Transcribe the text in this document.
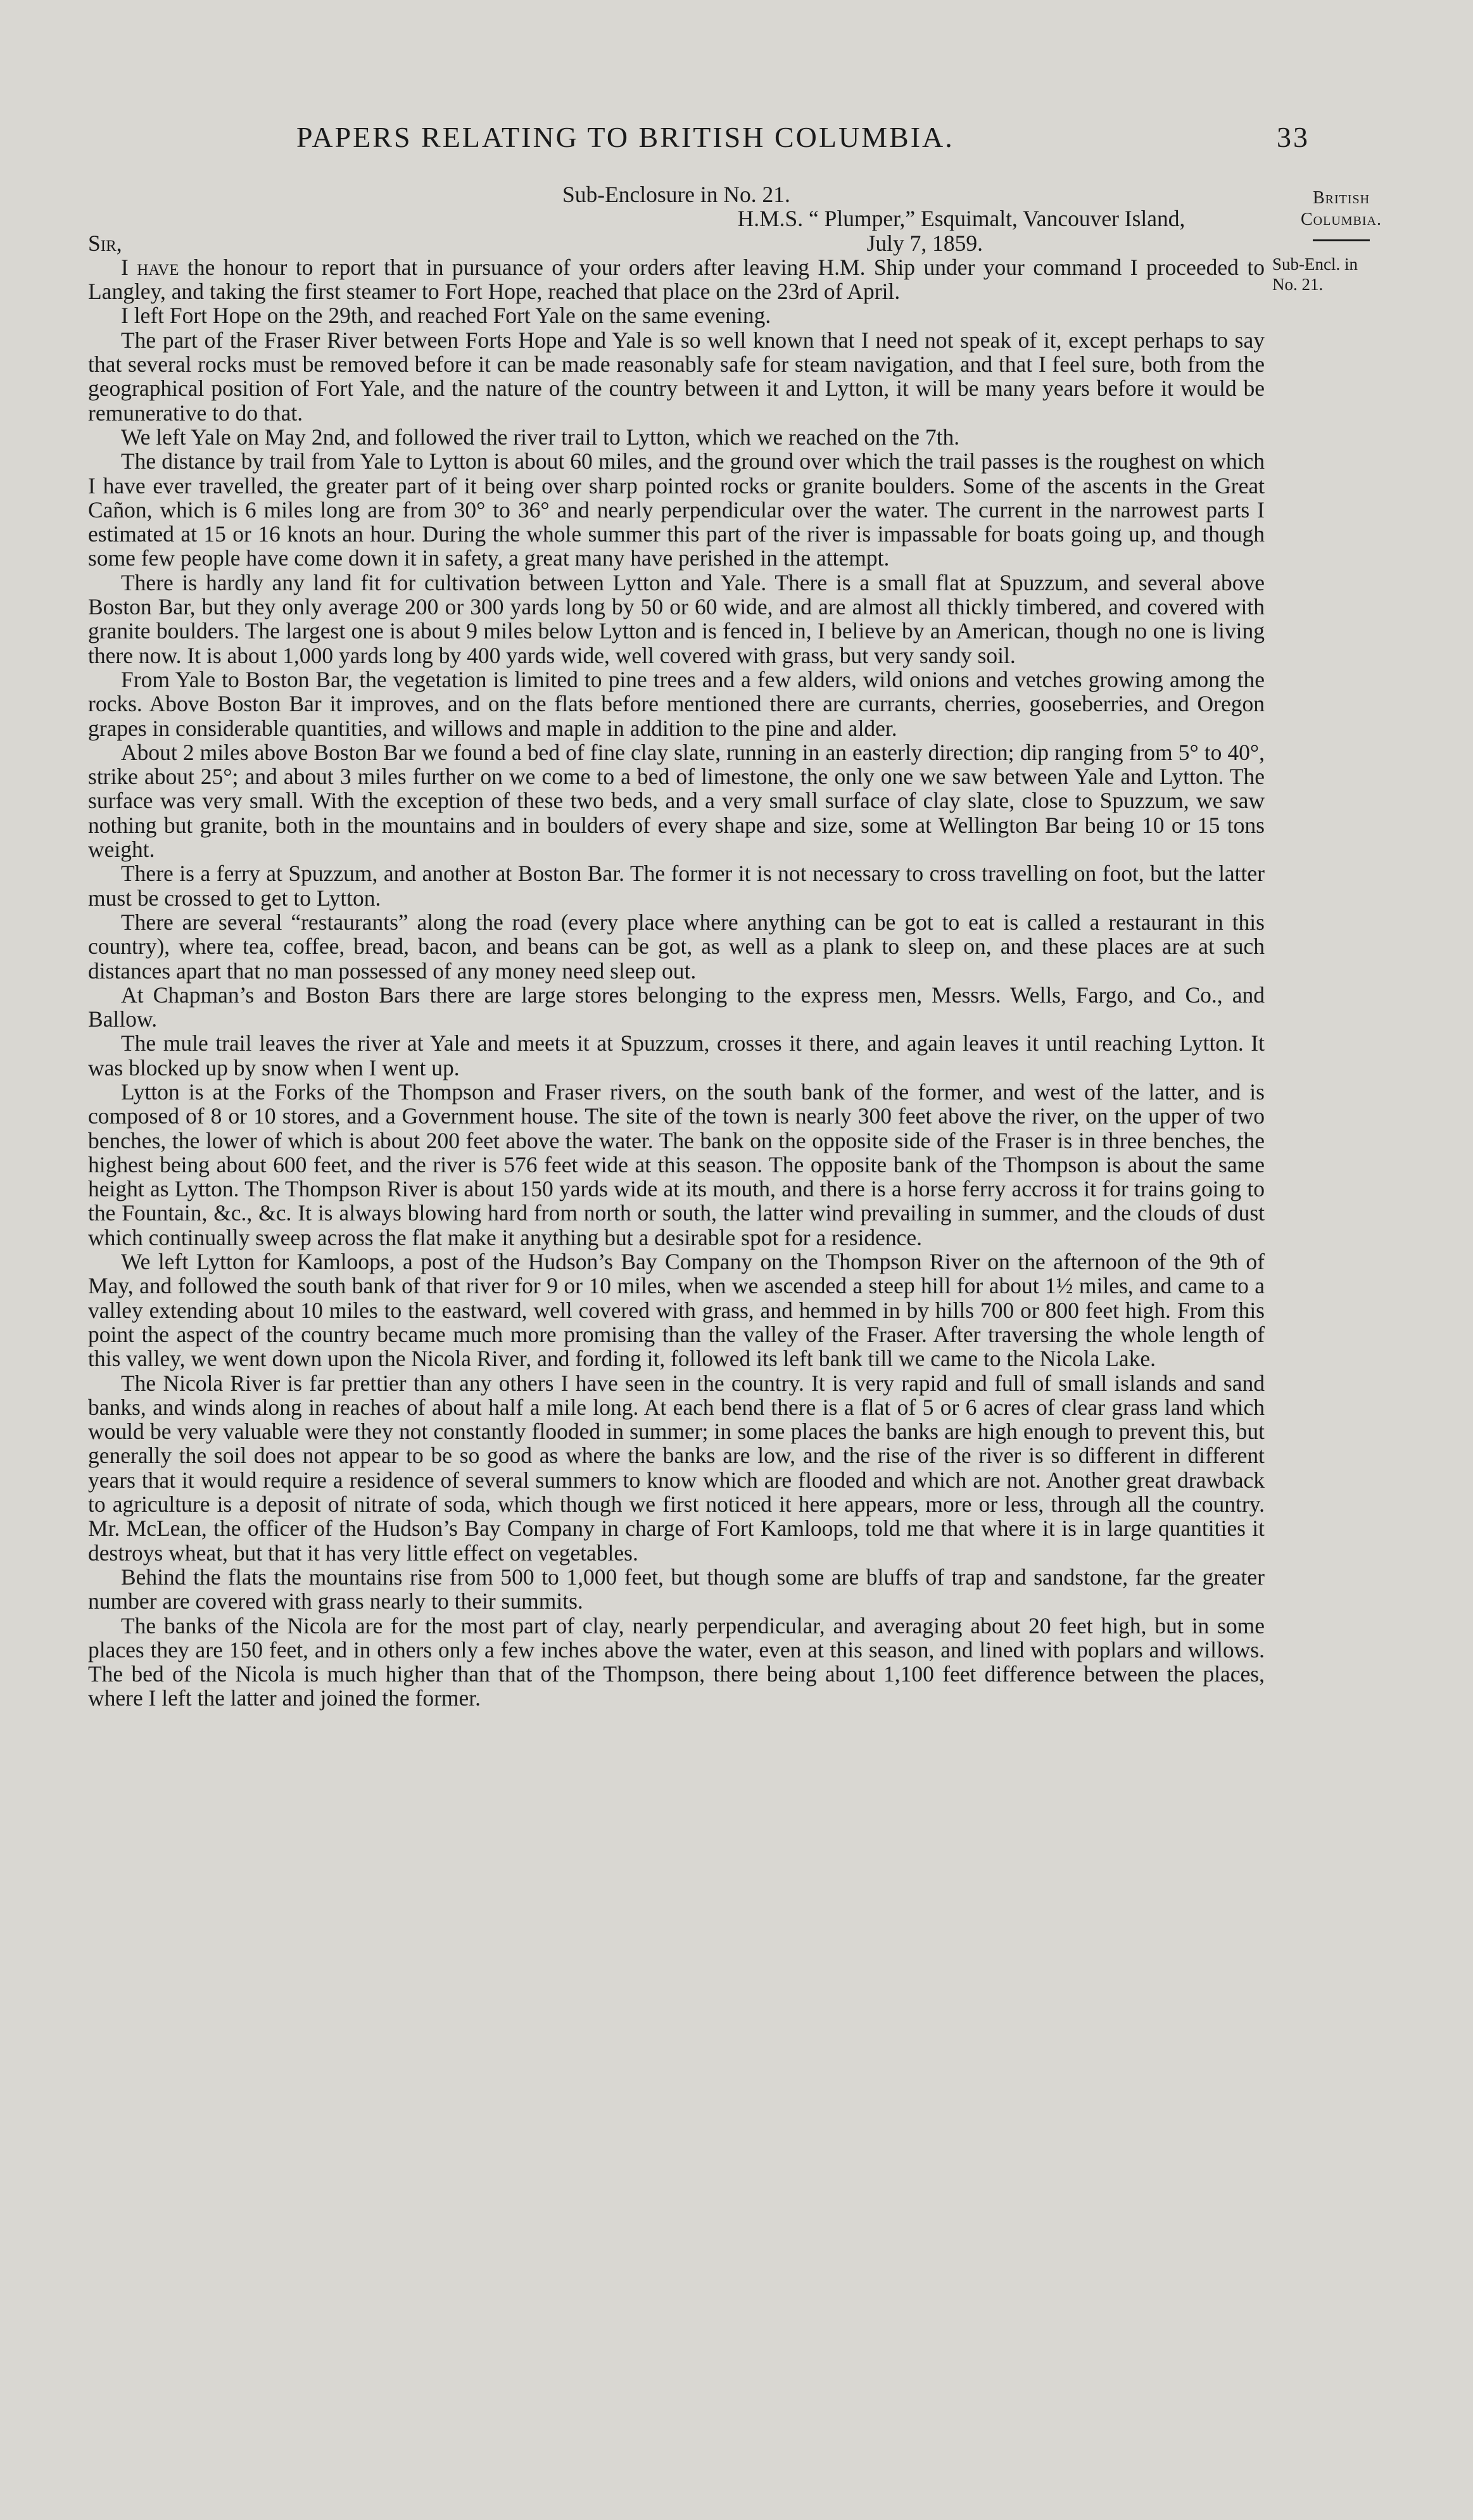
PAPERS RELATING TO BRITISH COLUMBIA.	33
British
Columbia.
Sub-Encl. in
No. 21.

Sub-Enclosure in No. 21.

H.M.S. “ Plumper,” Esquimalt, Vancouver Island,

Sir,	July 7, 1859.

I have the honour to report that in pursuance of your orders after leaving H.M. Ship under your command I proceeded to Langley, and taking the first steamer to Fort Hope, reached that place on the 23rd of April.

I left Fort Hope on the 29th, and reached Fort Yale on the same evening.

The part of the Fraser River between Forts Hope and Yale is so well known that I need not speak of it, except perhaps to say that several rocks must be removed before it can be made reasonably safe for steam navigation, and that I feel sure, both from the geographical position of Fort Yale, and the nature of the country between it and Lytton, it will be many years before it would be remunerative to do that.

We left Yale on May 2nd, and followed the river trail to Lytton, which we reached on the 7th.

The distance by trail from Yale to Lytton is about 60 miles, and the ground over which the trail passes is the roughest on which I have ever travelled, the greater part of it being over sharp pointed rocks or granite boulders. Some of the ascents in the Great Cañon, which is 6 miles long are from 30° to 36° and nearly perpendicular over the water. The current in the narrowest parts I estimated at 15 or 16 knots an hour. During the whole summer this part of the river is impassable for boats going up, and though some few people have come down it in safety, a great many have perished in the attempt.

There is hardly any land fit for cultivation between Lytton and Yale. There is a small flat at Spuzzum, and several above Boston Bar, but they only average 200 or 300 yards long by 50 or 60 wide, and are almost all thickly timbered, and covered with granite boulders. The largest one is about 9 miles below Lytton and is fenced in, I believe by an American, though no one is living there now. It is about 1,000 yards long by 400 yards wide, well covered with grass, but very sandy soil.

From Yale to Boston Bar, the vegetation is limited to pine trees and a few alders, wild onions and vetches growing among the rocks. Above Boston Bar it improves, and on the flats before mentioned there are currants, cherries, gooseberries, and Oregon grapes in considerable quantities, and willows and maple in addition to the pine and alder.

About 2 miles above Boston Bar we found a bed of fine clay slate, running in an easterly direction; dip ranging from 5° to 40°, strike about 25°; and about 3 miles further on we come to a bed of limestone, the only one we saw between Yale and Lytton. The surface was very small. With the exception of these two beds, and a very small surface of clay slate, close to Spuzzum, we saw nothing but granite, both in the mountains and in boulders of every shape and size, some at Wellington Bar being 10 or 15 tons weight.

There is a ferry at Spuzzum, and another at Boston Bar. The former it is not necessary to cross travelling on foot, but the latter must be crossed to get to Lytton.

There are several “restaurants” along the road (every place where anything can be got to eat is called a restaurant in this country), where tea, coffee, bread, bacon, and beans can be got, as well as a plank to sleep on, and these places are at such distances apart that no man possessed of any money need sleep out.

At Chapman’s and Boston Bars there are large stores belonging to the express men, Messrs. Wells, Fargo, and Co., and Ballow.

The mule trail leaves the river at Yale and meets it at Spuzzum, crosses it there, and again leaves it until reaching Lytton. It was blocked up by snow when I went up.

Lytton is at the Forks of the Thompson and Fraser rivers, on the south bank of the former, and west of the latter, and is composed of 8 or 10 stores, and a Government house. The site of the town is nearly 300 feet above the river, on the upper of two benches, the lower of which is about 200 feet above the water. The bank on the opposite side of the Fraser is in three benches, the highest being about 600 feet, and the river is 576 feet wide at this season. The opposite bank of the Thompson is about the same height as Lytton. The Thompson River is about 150 yards wide at its mouth, and there is a horse ferry accross it for trains going to the Fountain, &c., &c. It is always blowing hard from north or south, the latter wind prevailing in summer, and the clouds of dust which continually sweep across the flat make it anything but a desirable spot for a residence.

We left Lytton for Kamloops, a post of the Hudson’s Bay Company on the Thompson River on the afternoon of the 9th of May, and followed the south bank of that river for 9 or 10 miles, when we ascended a steep hill for about 1½ miles, and came to a valley extending about 10 miles to the eastward, well covered with grass, and hemmed in by hills 700 or 800 feet high. From this point the aspect of the country became much more promising than the valley of the Fraser. After traversing the whole length of this valley, we went down upon the Nicola River, and fording it, followed its left bank till we came to the Nicola Lake.

The Nicola River is far prettier than any others I have seen in the country. It is very rapid and full of small islands and sand banks, and winds along in reaches of about half a mile long. At each bend there is a flat of 5 or 6 acres of clear grass land which would be very valuable were they not constantly flooded in summer; in some places the banks are high enough to prevent this, but generally the soil does not appear to be so good as where the banks are low, and the rise of the river is so different in different years that it would require a residence of several summers to know which are flooded and which are not. Another great drawback to agriculture is a deposit of nitrate of soda, which though we first noticed it here appears, more or less, through all the country. Mr. McLean, the officer of the Hudson’s Bay Company in charge of Fort Kamloops, told me that where it is in large quantities it destroys wheat, but that it has very little effect on vegetables.

Behind the flats the mountains rise from 500 to 1,000 feet, but though some are bluffs of trap and sandstone, far the greater number are covered with grass nearly to their summits.

The banks of the Nicola are for the most part of clay, nearly perpendicular, and averaging about 20 feet high, but in some places they are 150 feet, and in others only a few inches above the water, even at this season, and lined with poplars and willows. The bed of the Nicola is much higher than that of the Thompson, there being about 1,100 feet difference between the places, where I left the latter and joined the former.
